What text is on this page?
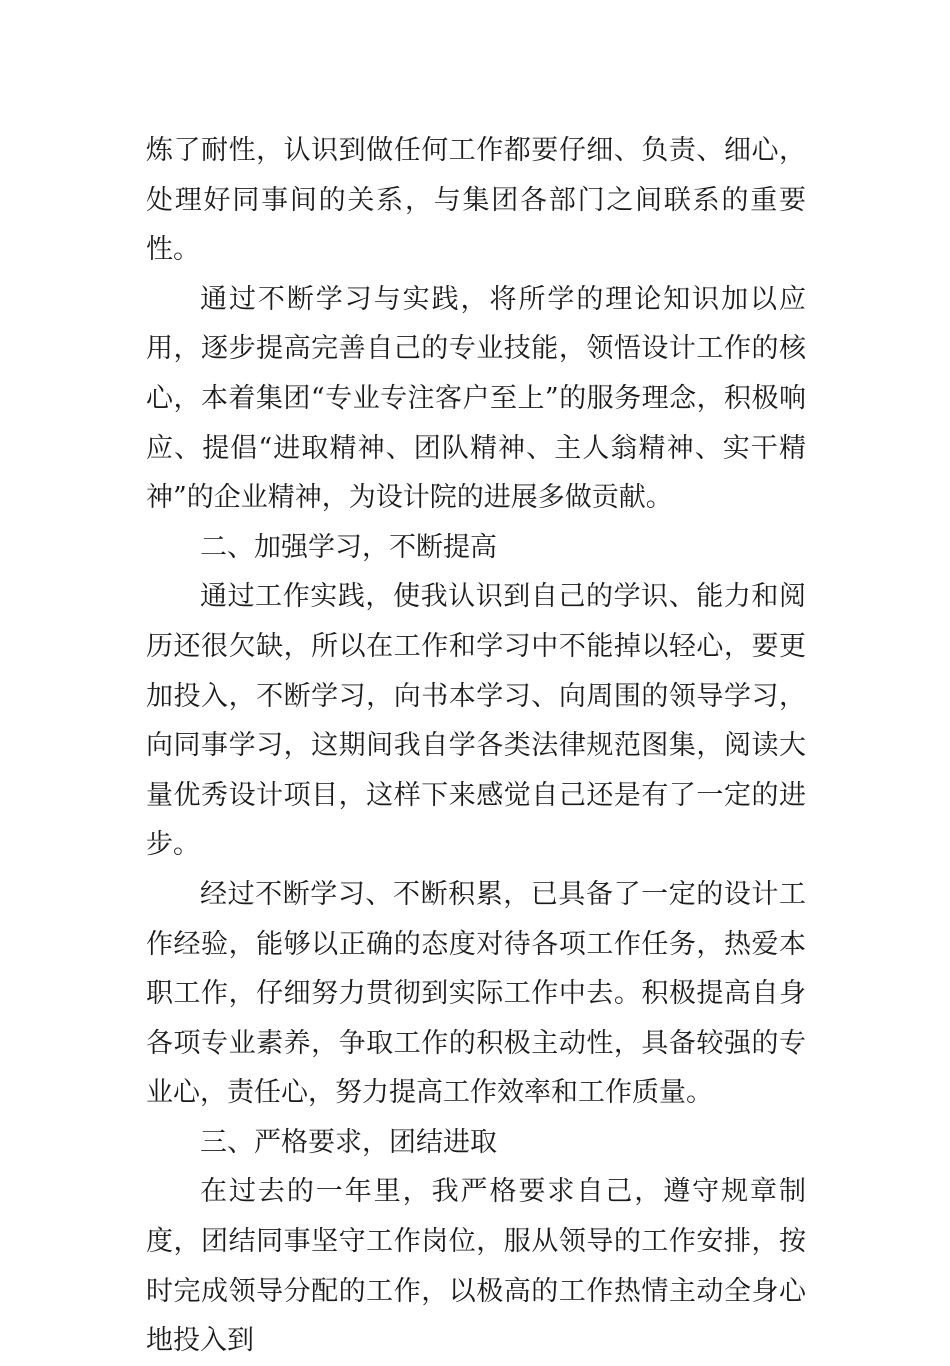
炼了耐性，认识到做任何工作都要仔细、负责、细心，处理好同事间的关系，与集团各部门之间联系的重要性。

通过不断学习与实践，将所学的理论知识加以应用，逐步提高完善自己的专业技能，领悟设计工作的核心，本着集团“专业专注客户至上”的服务理念，积极响应、提倡“进取精神、团队精神、主人翁精神、实干精神”的企业精神，为设计院的进展多做贡献。

二、加强学习，不断提高

通过工作实践，使我认识到自己的学识、能力和阅历还很欠缺，所以在工作和学习中不能掉以轻心，要更加投入，不断学习，向书本学习、向周围的领导学习，向同事学习，这期间我自学各类法律规范图集，阅读大量优秀设计项目，这样下来感觉自己还是有了一定的进步。

经过不断学习、不断积累，已具备了一定的设计工作经验，能够以正确的态度对待各项工作任务，热爱本职工作，仔细努力贯彻到实际工作中去。积极提高自身各项专业素养，争取工作的积极主动性，具备较强的专业心，责任心，努力提高工作效率和工作质量。

三、严格要求，团结进取

在过去的一年里，我严格要求自己，遵守规章制度，团结同事坚守工作岗位，服从领导的工作安排，按时完成领导分配的工作，以极高的工作热情主动全身心地投入到
